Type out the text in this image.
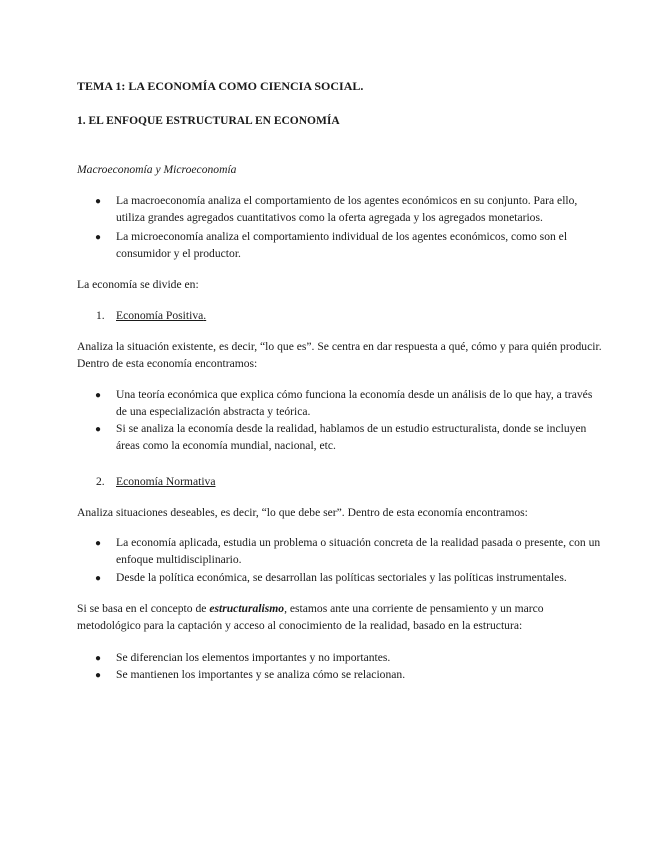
TEMA 1: LA ECONOMÍA COMO CIENCIA SOCIAL.
1. EL ENFOQUE ESTRUCTURAL EN ECONOMÍA
Macroeconomía y Microeconomía
● La macroeconomía analiza el comportamiento de los agentes económicos en su conjunto. Para ello,
utiliza grandes agregados cuantitativos como la oferta agregada y los agregados monetarios.
● La microeconomía analiza el comportamiento individual de los agentes económicos, como son el
consumidor y el productor.
La economía se divide en:
1. Economía Positiva.
Analiza la situación existente, es decir, “lo que es”. Se centra en dar respuesta a qué, cómo y para quién producir.
Dentro de esta economía encontramos:
● Una teoría económica que explica cómo funciona la economía desde un análisis de lo que hay, a través
de una especialización abstracta y teórica.
● Si se analiza la economía desde la realidad, hablamos de un estudio estructuralista, donde se incluyen
áreas como la economía mundial, nacional, etc.
2. Economía Normativa
Analiza situaciones deseables, es decir, “lo que debe ser”. Dentro de esta economía encontramos:
● La economía aplicada, estudia un problema o situación concreta de la realidad pasada o presente, con un
enfoque multidisciplinario.
● Desde la política económica, se desarrollan las políticas sectoriales y las políticas instrumentales.
Si se basa en el concepto de estructuralismo, estamos ante una corriente de pensamiento y un marco
metodológico para la captación y acceso al conocimiento de la realidad, basado en la estructura:
● Se diferencian los elementos importantes y no importantes.
● Se mantienen los importantes y se analiza cómo se relacionan.
